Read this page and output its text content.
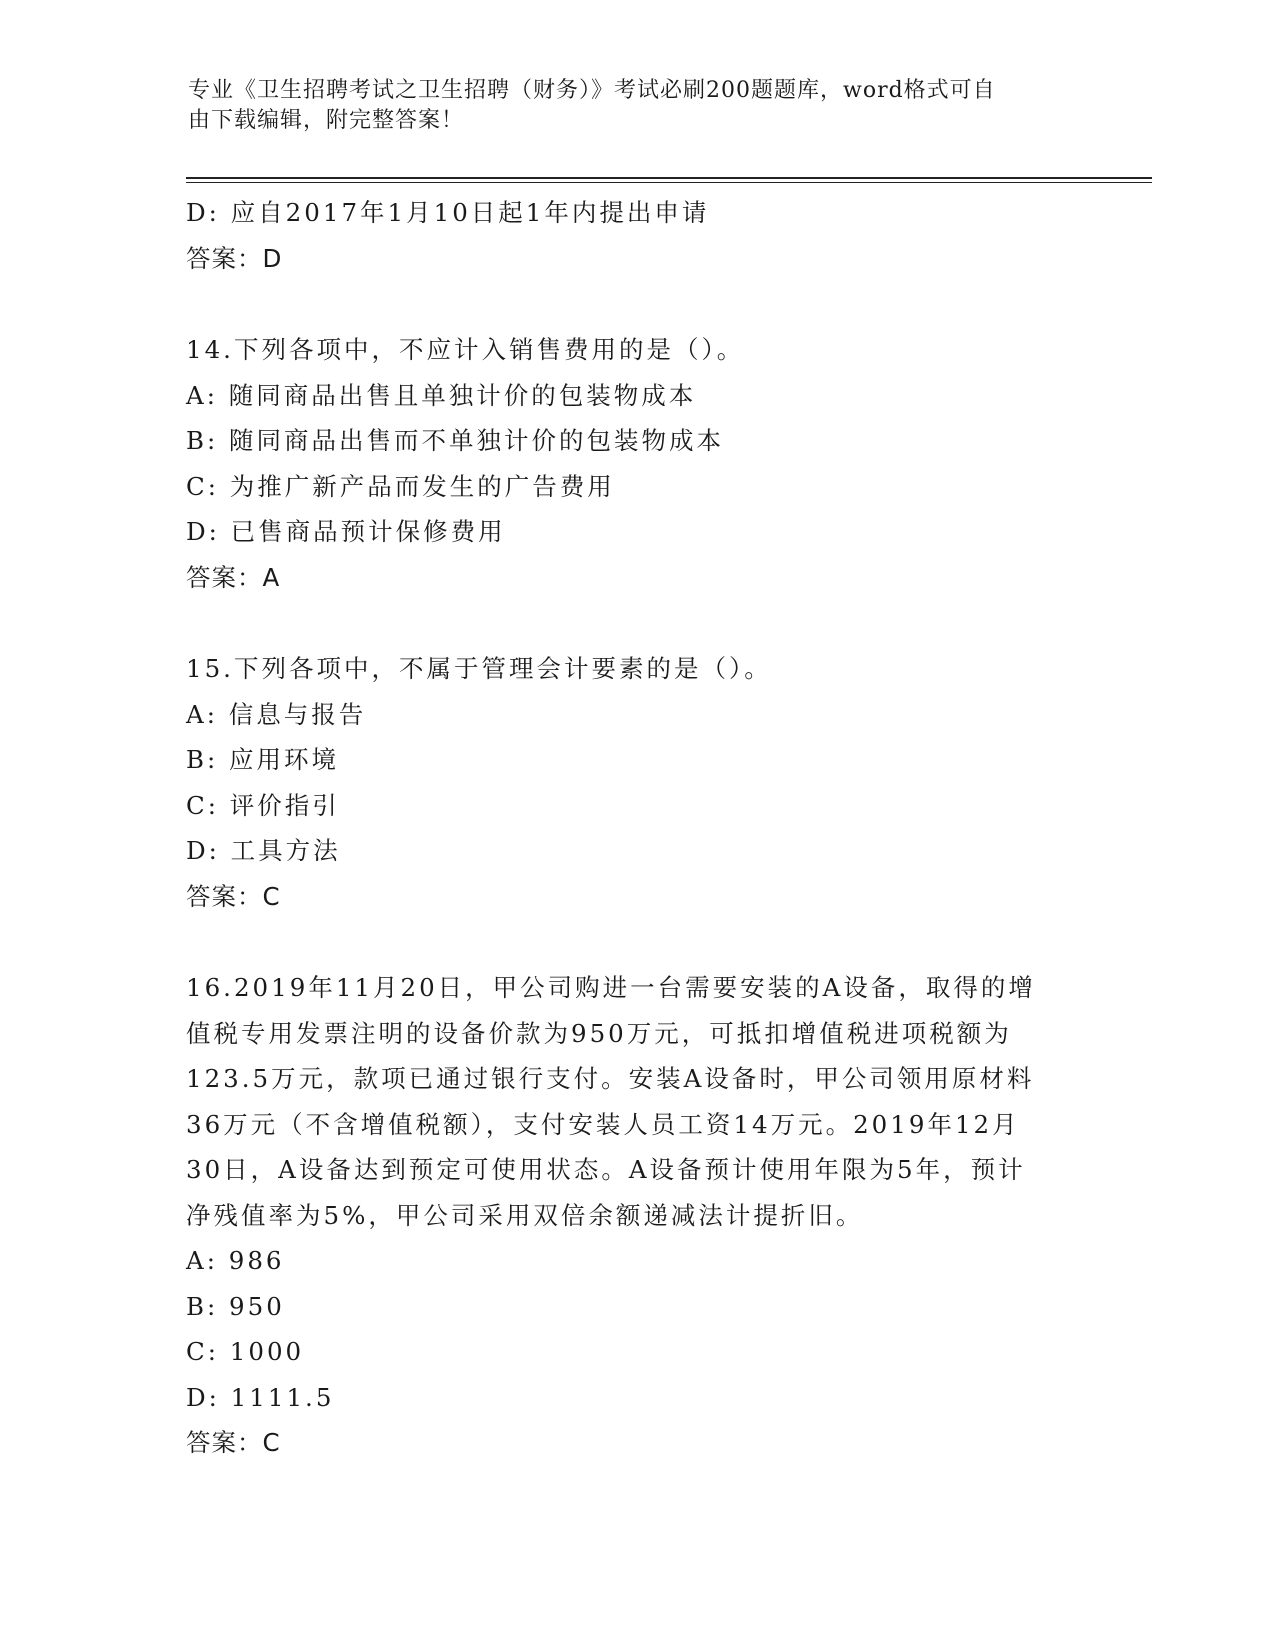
专业《卫生招聘考试之卫生招聘（财务）》考试必刷200题题库，word格式可自
由下载编辑，附完整答案！
D: 应自2017年1月10日起1年内提出申请
答案：D
14.下列各项中，不应计入销售费用的是（）。
A: 随同商品出售且单独计价的包装物成本
B: 随同商品出售而不单独计价的包装物成本
C: 为推广新产品而发生的广告费用
D: 已售商品预计保修费用
答案：A
15.下列各项中，不属于管理会计要素的是（）。
A: 信息与报告
B: 应用环境
C: 评价指引
D: 工具方法
答案：C
16.2019年11月20日，甲公司购进一台需要安装的A设备，取得的增
值税专用发票注明的设备价款为950万元，可抵扣增值税进项税额为
123.5万元，款项已通过银行支付。安装A设备时，甲公司领用原材料
36万元（不含增值税额），支付安装人员工资14万元。2019年12月
30日，A设备达到预定可使用状态。A设备预计使用年限为5年，预计
净残值率为5%，甲公司采用双倍余额递减法计提折旧。
A: 986
B: 950
C: 1000
D: 1111.5
答案：C
